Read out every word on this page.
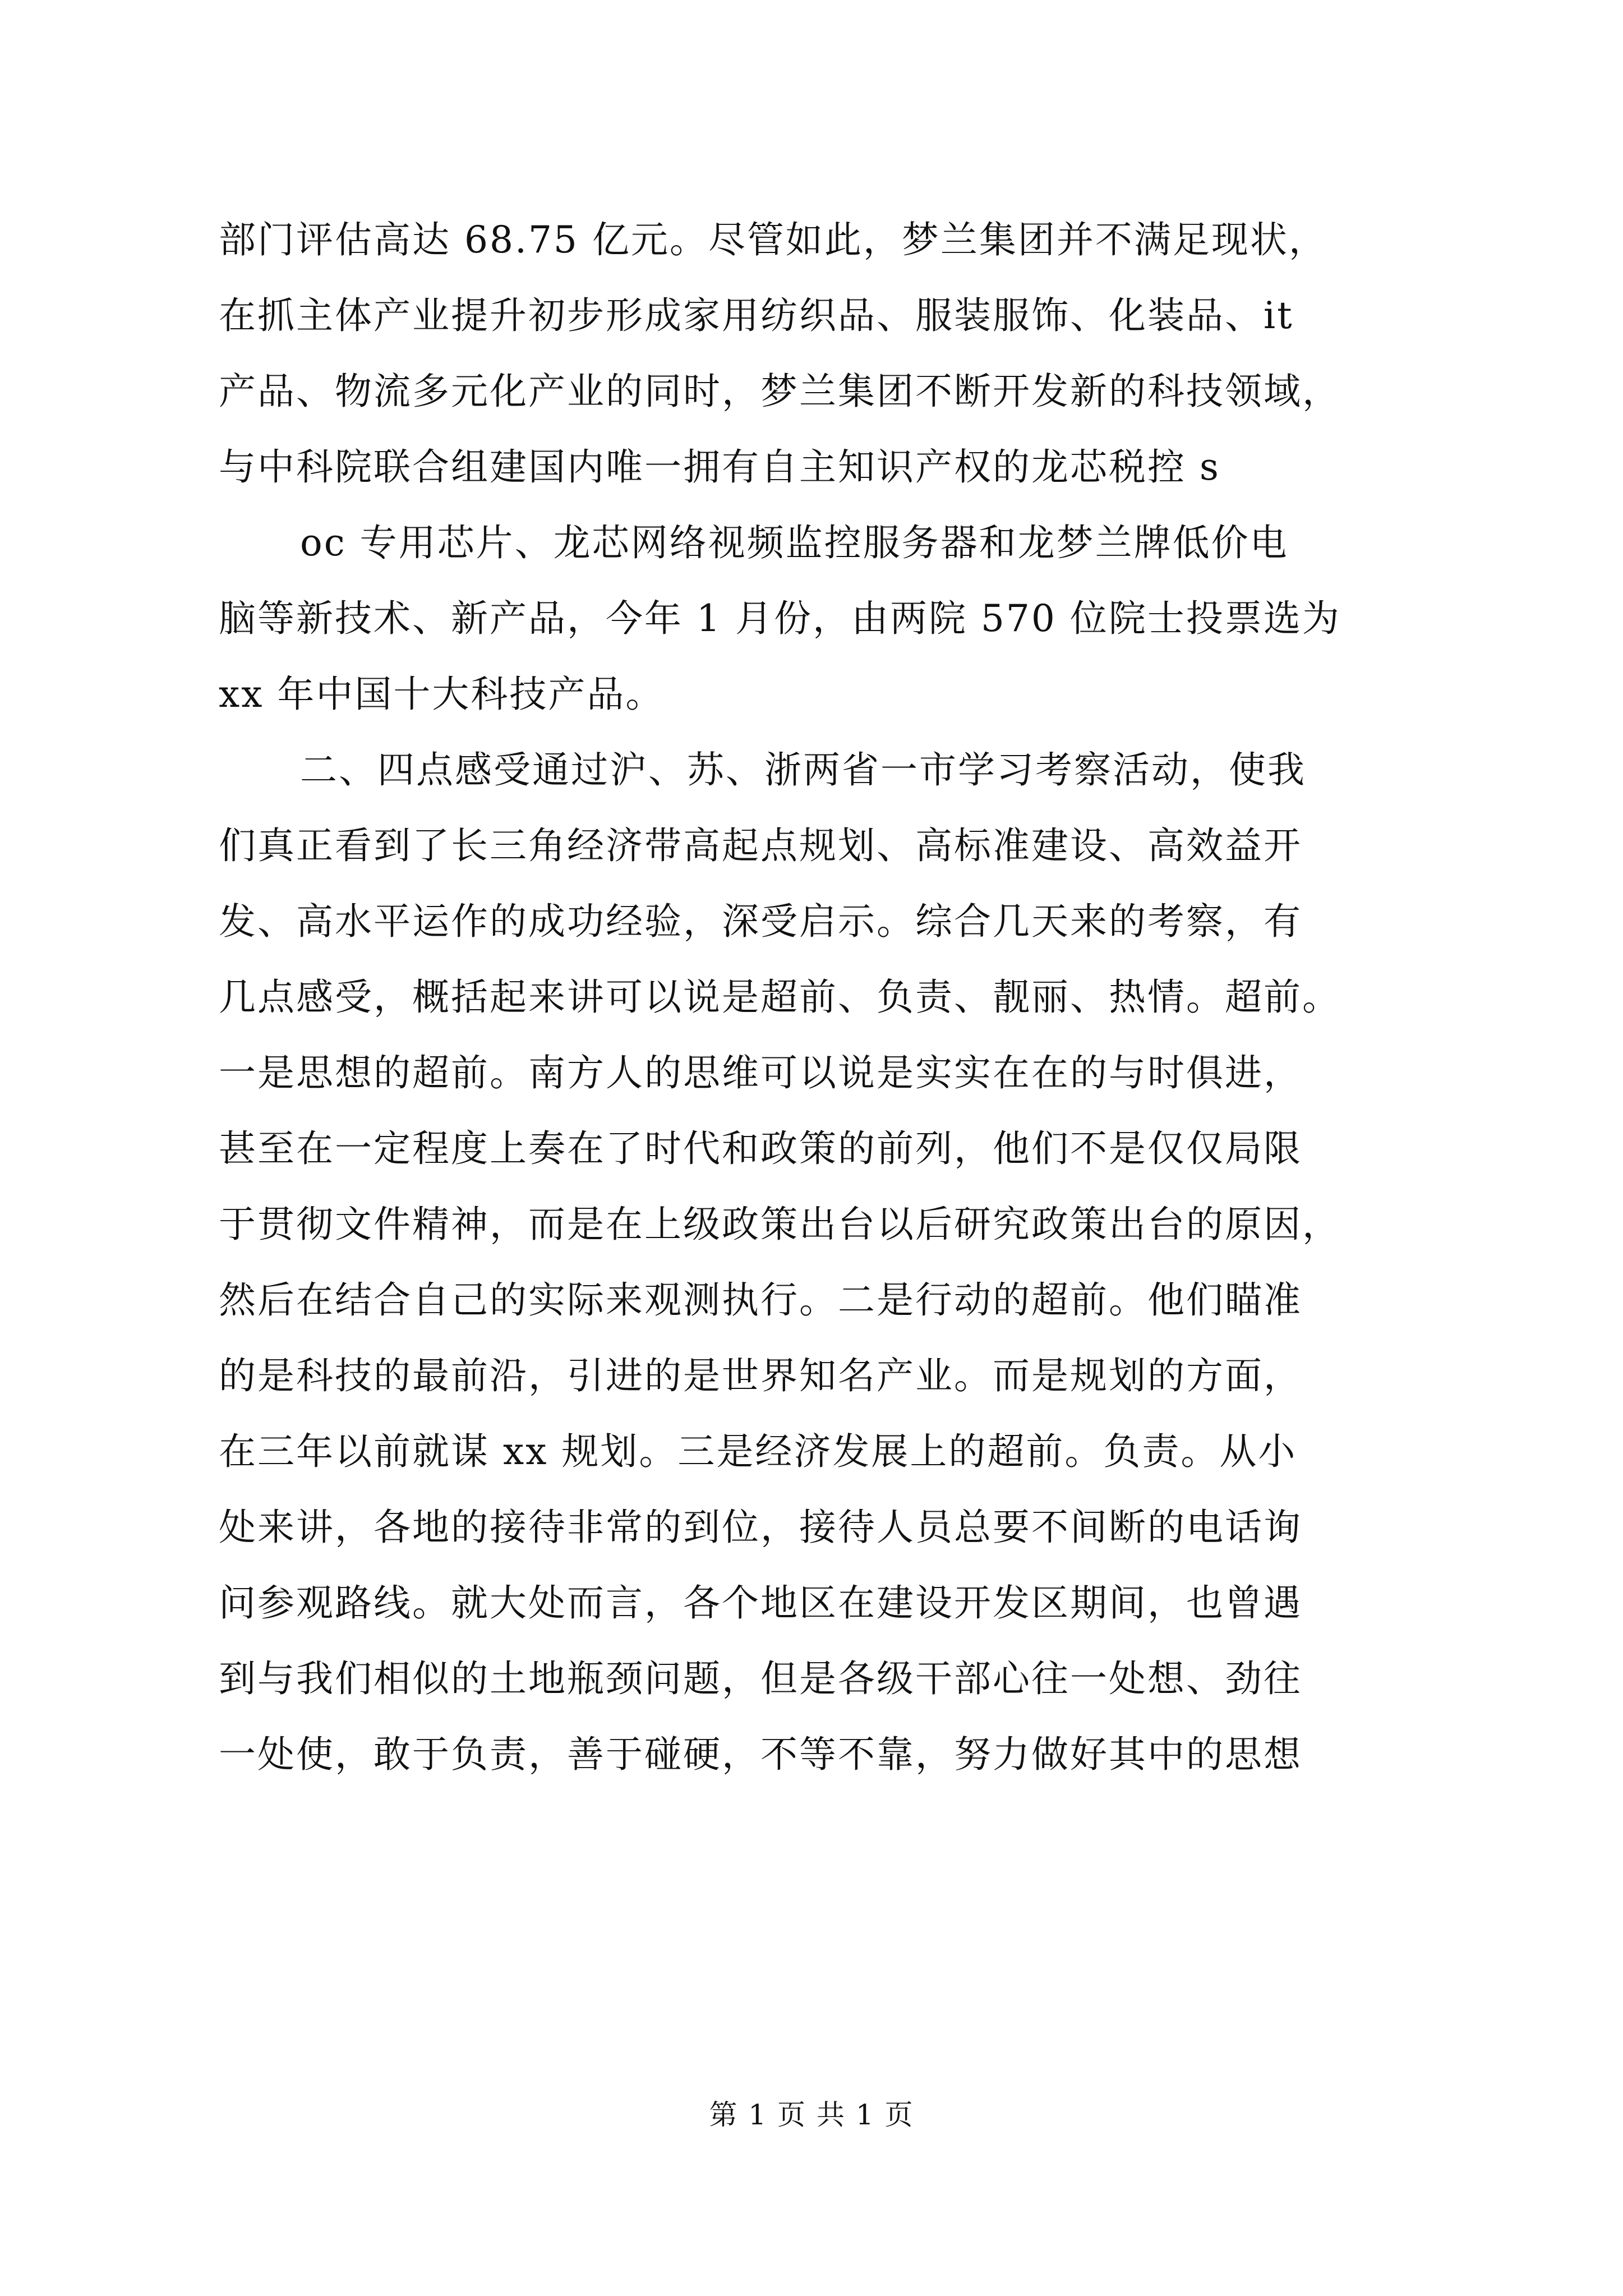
部门评估高达 68.75 亿元。尽管如此，梦兰集团并不满足现状，
在抓主体产业提升初步形成家用纺织品、服装服饰、化装品、it
产品、物流多元化产业的同时，梦兰集团不断开发新的科技领域，
与中科院联合组建国内唯一拥有自主知识产权的龙芯税控 s
oc 专用芯片、龙芯网络视频监控服务器和龙梦兰牌低价电
脑等新技术、新产品，今年 1 月份，由两院 570 位院士投票选为
xx 年中国十大科技产品。
二、四点感受通过沪、苏、浙两省一市学习考察活动，使我
们真正看到了长三角经济带高起点规划、高标准建设、高效益开
发、高水平运作的成功经验，深受启示。综合几天来的考察，有
几点感受，概括起来讲可以说是超前、负责、靓丽、热情。超前。
一是思想的超前。南方人的思维可以说是实实在在的与时俱进，
甚至在一定程度上奏在了时代和政策的前列，他们不是仅仅局限
于贯彻文件精神，而是在上级政策出台以后研究政策出台的原因，
然后在结合自己的实际来观测执行。二是行动的超前。他们瞄准
的是科技的最前沿，引进的是世界知名产业。而是规划的方面，
在三年以前就谋 xx 规划。三是经济发展上的超前。负责。从小
处来讲，各地的接待非常的到位，接待人员总要不间断的电话询
问参观路线。就大处而言，各个地区在建设开发区期间，也曾遇
到与我们相似的土地瓶颈问题，但是各级干部心往一处想、劲往
一处使，敢于负责，善于碰硬，不等不靠，努力做好其中的思想
第 1 页 共 1 页
